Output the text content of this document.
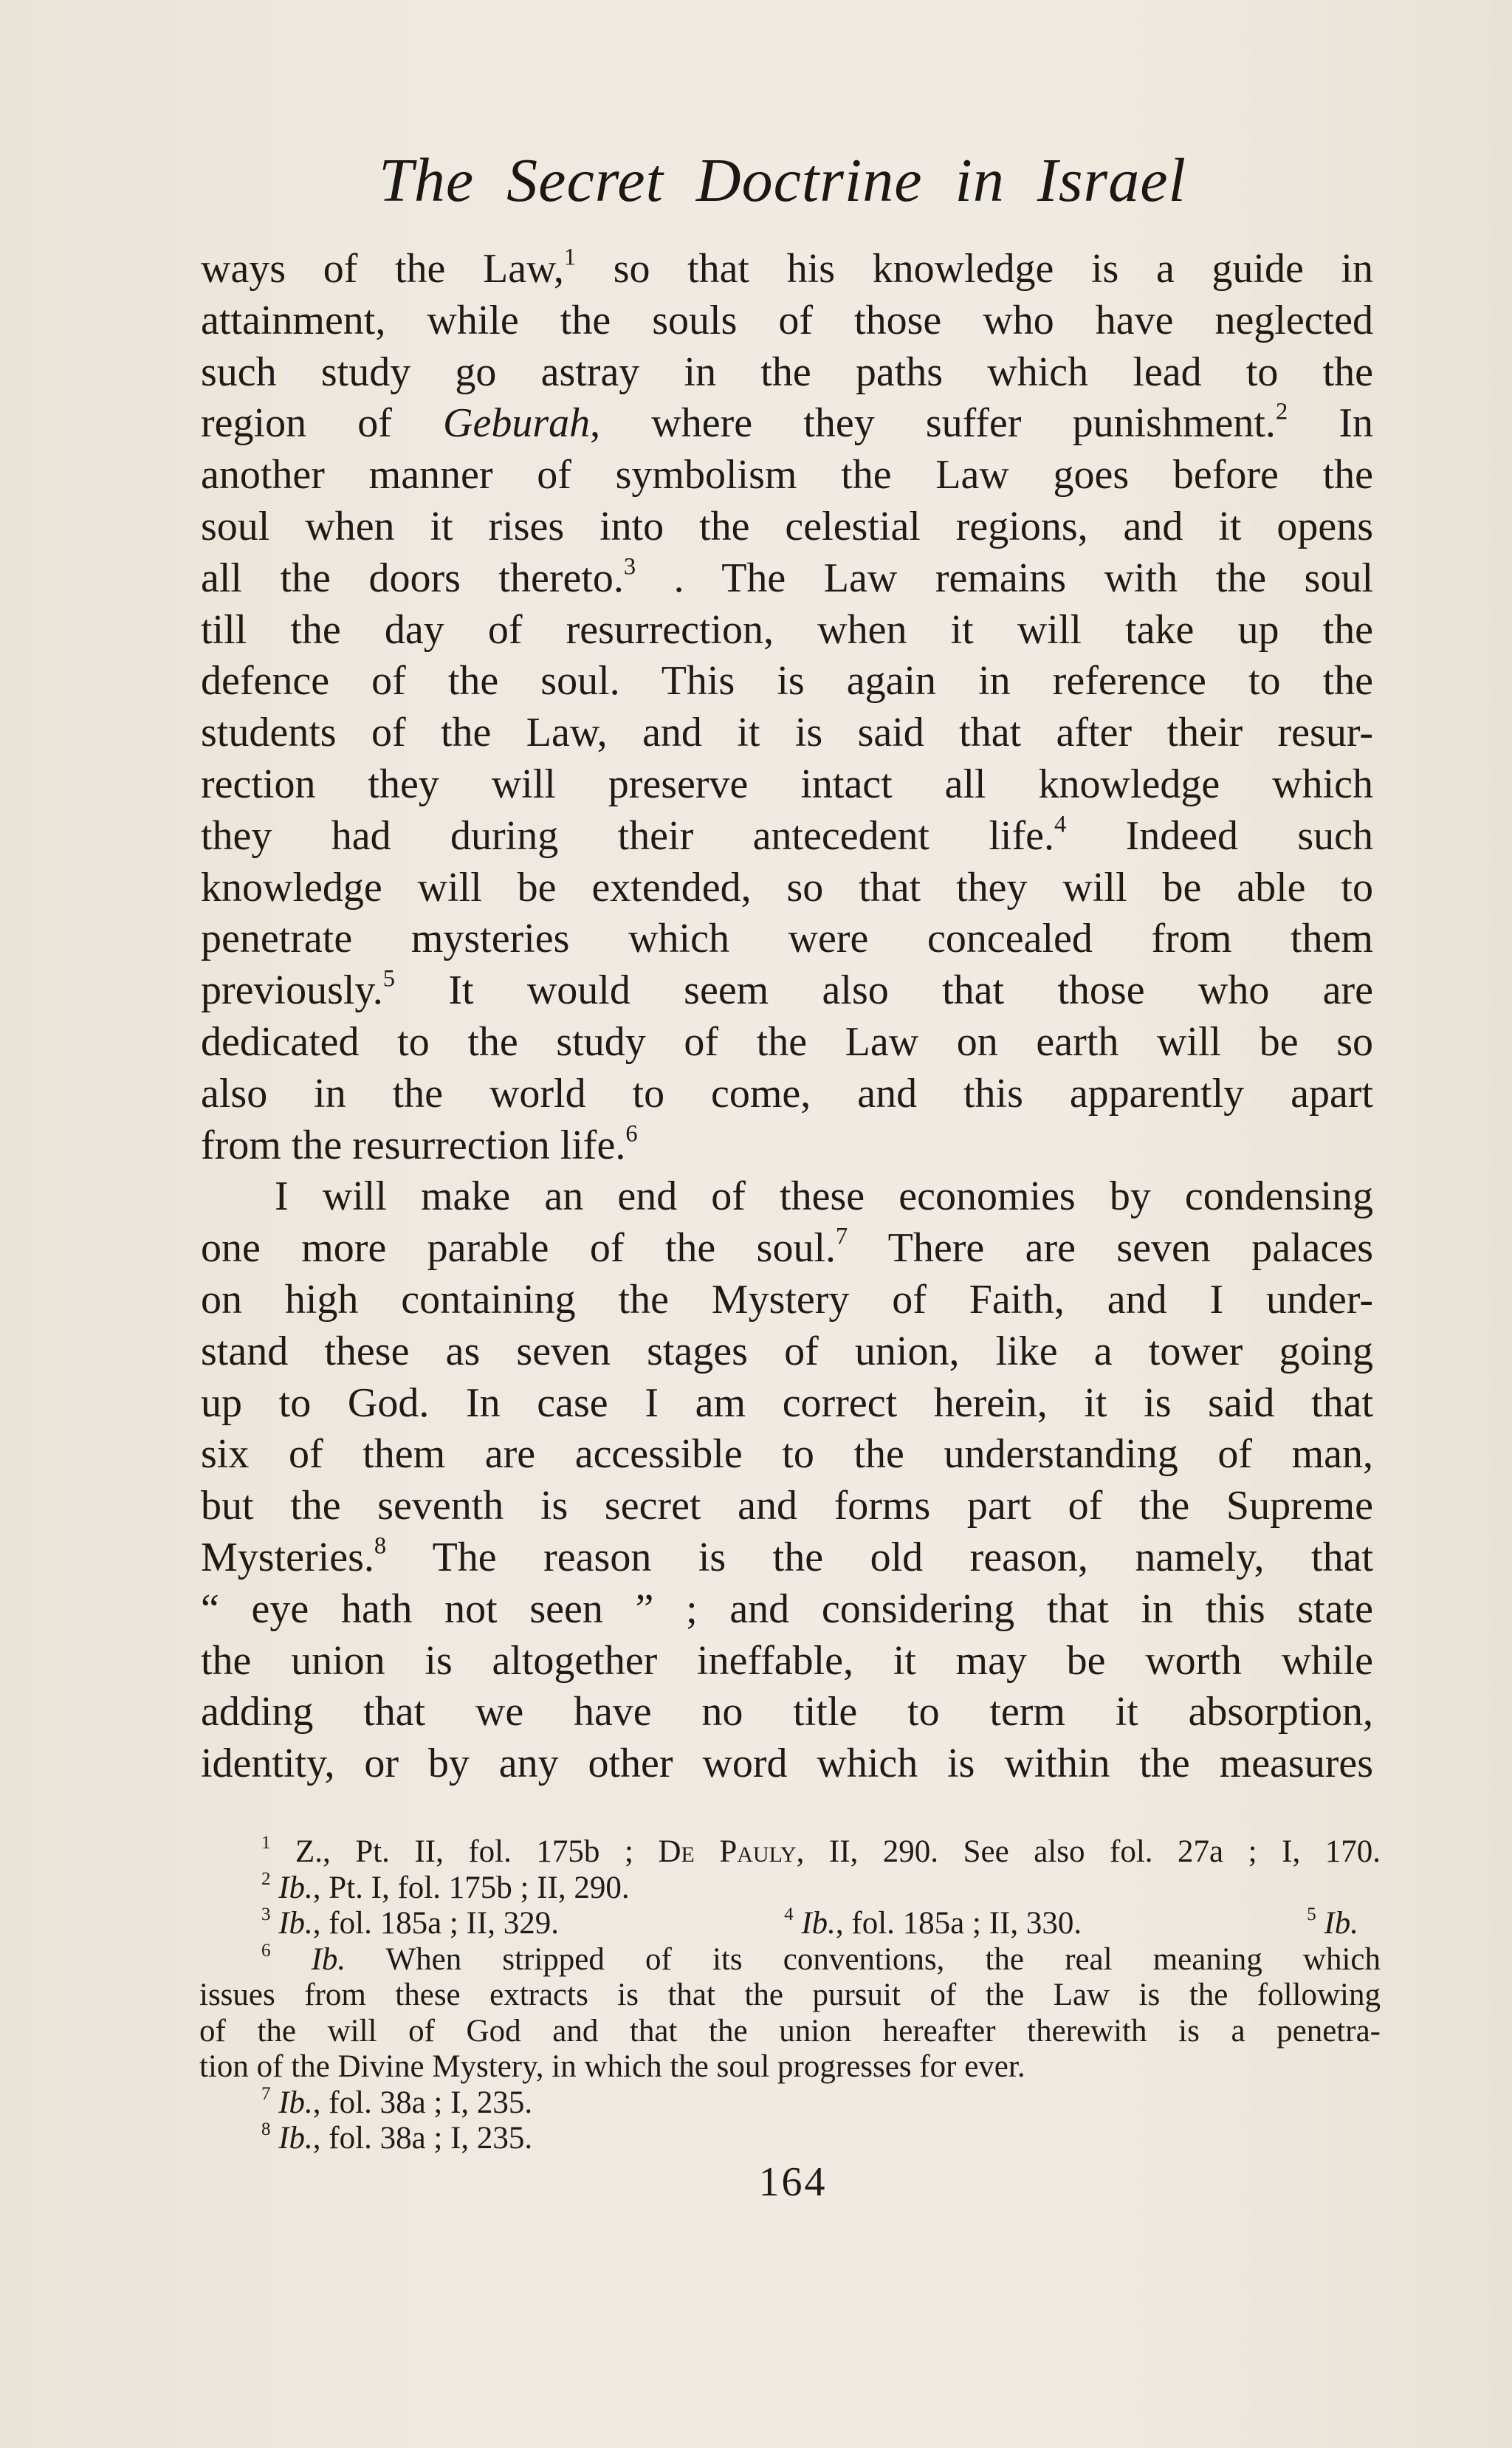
The Secret Doctrine in Israel
ways of the Law,$^1$ so that his knowledge is a guide in
attainment, while the souls of those who have neglected
such study go astray in the paths which lead to the
region of Geburah, where they suffer punishment.$^2$ In
another manner of symbolism the Law goes before the
soul when it rises into the celestial regions, and it opens
all the doors thereto.$^3$ . The Law remains with the soul
till the day of resurrection, when it will take up the
defence of the soul. This is again in reference to the
students of the Law, and it is said that after their resur-
rection they will preserve intact all knowledge which
they had during their antecedent life.$^4$ Indeed such
knowledge will be extended, so that they will be able to
penetrate mysteries which were concealed from them
previously.$^5$ It would seem also that those who are
dedicated to the study of the Law on earth will be so
also in the world to come, and this apparently apart
from the resurrection life.$^6$
I will make an end of these economies by condensing
one more parable of the soul.$^7$ There are seven palaces
on high containing the Mystery of Faith, and I under-
stand these as seven stages of union, like a tower going
up to God. In case I am correct herein, it is said that
six of them are accessible to the understanding of man,
but the seventh is secret and forms part of the Supreme
Mysteries.$^8$ The reason is the old reason, namely, that
“ eye hath not seen ” ; and considering that in this state
the union is altogether ineffable, it may be worth while
adding that we have no title to term it absorption,
identity, or by any other word which is within the measures
$^1$ Z., Pt. II, fol. 175b ; De Pauly, II, 290. See also fol. 27a ; I, 170.
$^2$ Ib., Pt. I, fol. 175b ; II, 290.
$^3$ Ib., fol. 185a ; II, 329.	$^4$ Ib., fol. 185a ; II, 330.	$^5$ Ib.
$^6$ Ib. When stripped of its conventions, the real meaning which
issues from these extracts is that the pursuit of the Law is the following
of the will of God and that the union hereafter therewith is a penetra-
tion of the Divine Mystery, in which the soul progresses for ever.
$^7$ Ib., fol. 38a ; I, 235.
$^8$ Ib., fol. 38a ; I, 235.
164
